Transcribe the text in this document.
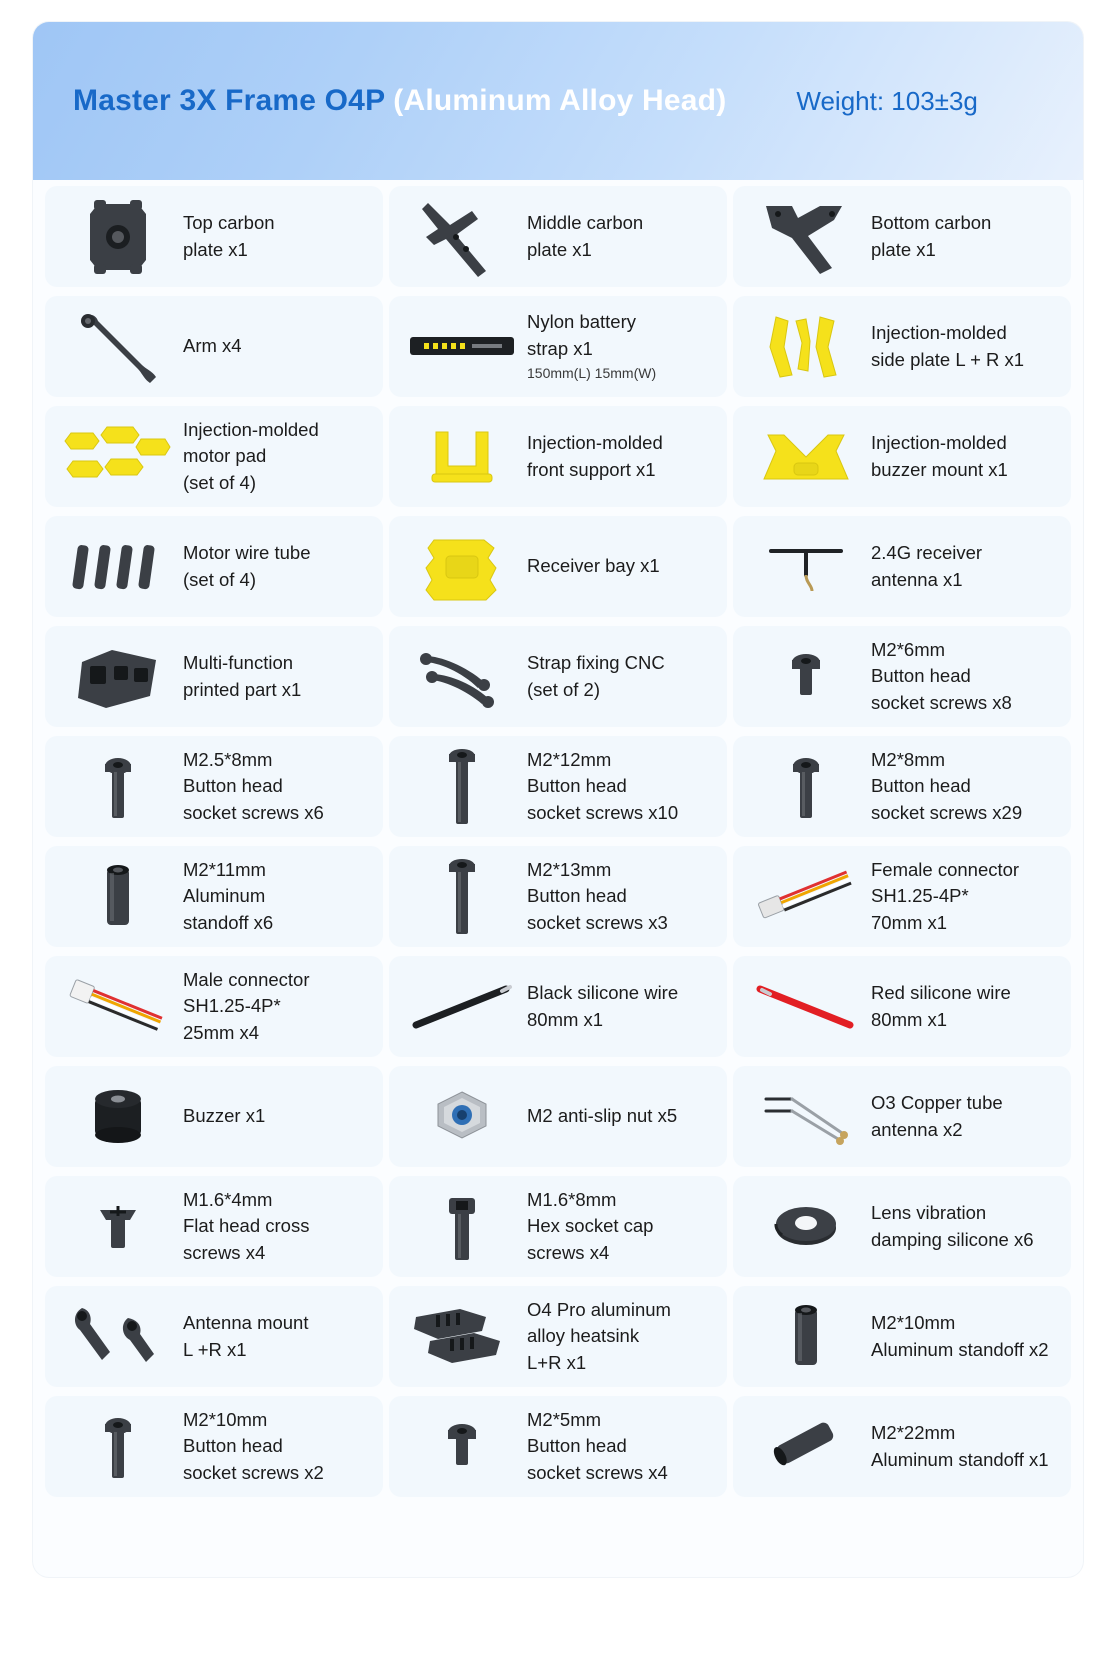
Master 3X Frame O4P (Aluminum Alloy Head)	Weight: 103±3g
Top carbon
plate x1
Middle carbon
plate x1
Bottom carbon
plate x1
Arm x4
Nylon battery
strap x1
150mm(L) 15mm(W)
Injection-molded
side plate L + R x1
Injection-molded
motor pad
(set of 4)
Injection-molded
front support x1
Injection-molded
buzzer mount x1
Motor wire tube
(set of 4)
Receiver bay x1
2.4G receiver
antenna x1
Multi-function
printed part x1
Strap fixing CNC
(set of 2)
M2*6mm
Button head
socket screws x8
M2.5*8mm
Button head
socket screws x6
M2*12mm
Button head
socket screws x10
M2*8mm
Button head
socket screws x29
M2*11mm
Aluminum
standoff x6
M2*13mm
Button head
socket screws x3
Female connector
SH1.25-4P*
70mm x1
Male connector
SH1.25-4P*
25mm x4
Black silicone wire
80mm x1
Red silicone wire
80mm x1
Buzzer x1	M2 anti-slip nut x5
O3 Copper tube
antenna x2
M1.6*4mm
Flat head cross
screws x4
M1.6*8mm
Hex socket cap
screws x4
Lens vibration
damping silicone x6
Antenna mount
L +R x1
O4 Pro aluminum
alloy heatsink
L+R x1
M2*10mm
Aluminum standoff x2
M2*10mm
Button head
socket screws x2
M2*5mm
Button head
socket screws x4
M2*22mm
Aluminum standoff x1
